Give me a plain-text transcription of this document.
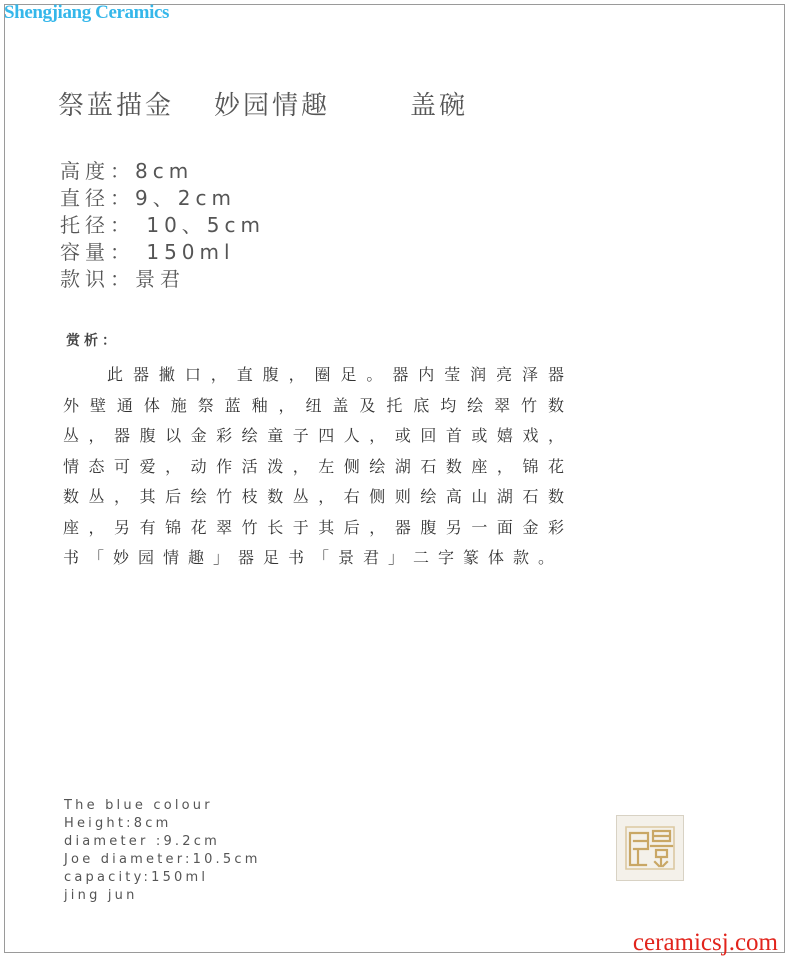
Shengjiang Ceramics
祭蓝描金 妙园情趣	盖碗
高度：8cm
直径：9、2cm
托径： 10、5cm
容量： 150ml
款识：景君
赏析：
此器撇口，直腹，圈足。器内莹润亮泽器外壁通体施祭蓝釉，纽盖及托底均绘翠竹数丛，器腹以金彩绘童子四人，或回首或嬉戏，情态可爱，动作活泼，左侧绘湖石数座，锦花数丛，其后绘竹枝数丛，右侧则绘高山湖石数座，另有锦花翠竹长于其后，器腹另一面金彩书「妙园情趣」器足书「景君」二字篆体款。
The blue colour
Height:8cm
diameter :9.2cm
Joe diameter:10.5cm
capacity:150ml
jing jun
ceramicsj.com
